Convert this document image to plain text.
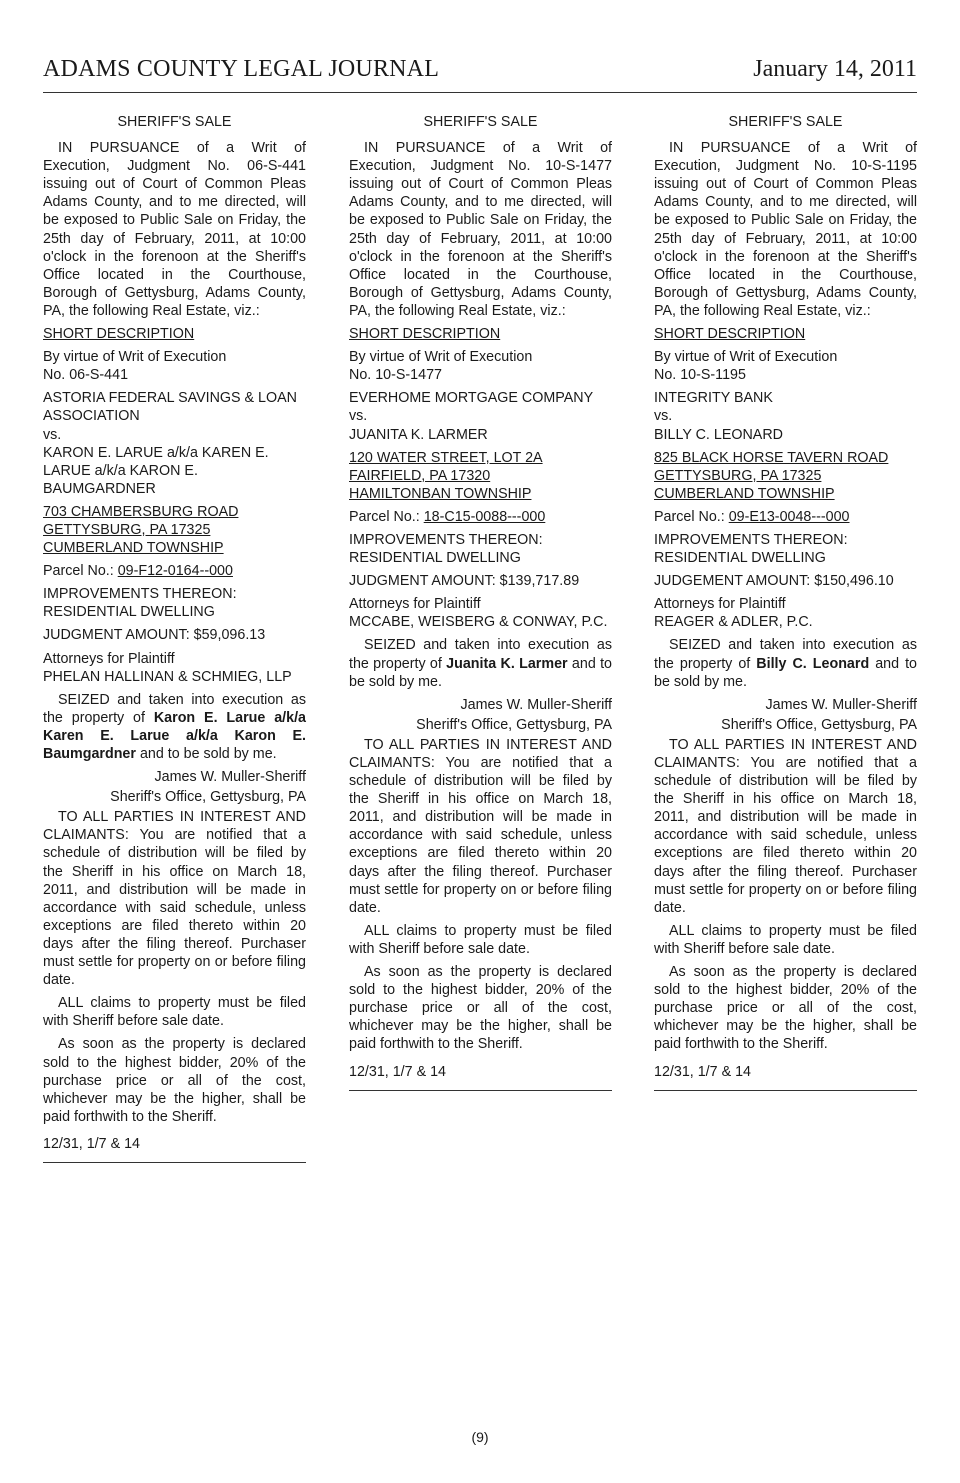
ADAMS COUNTY LEGAL JOURNAL	January 14, 2011

SHERIFF'S SALE

IN PURSUANCE of a Writ of Execution, Judgment No. 06-S-441 issuing out of Court of Common Pleas Adams County, and to me directed, will be exposed to Public Sale on Friday, the 25th day of February, 2011, at 10:00 o'clock in the forenoon at the Sheriff's Office located in the Courthouse, Borough of Gettysburg, Adams County, PA, the following Real Estate, viz.:

SHORT DESCRIPTION

By virtue of Writ of Execution
No. 06-S-441

ASTORIA FEDERAL SAVINGS & LOAN ASSOCIATION
vs.
KARON E. LARUE a/k/a KAREN E. LARUE a/k/a KARON E. BAUMGARDNER

703 CHAMBERSBURG ROAD
GETTYSBURG, PA 17325
CUMBERLAND TOWNSHIP

Parcel No.: 09-F12-0164--000

IMPROVEMENTS THEREON: RESIDENTIAL DWELLING

JUDGMENT AMOUNT: $59,096.13

Attorneys for Plaintiff
PHELAN HALLINAN & SCHMIEG, LLP

SEIZED and taken into execution as the property of Karon E. Larue a/k/a Karen E. Larue a/k/a Karon E. Baumgardner and to be sold by me.

James W. Muller-Sheriff

Sheriff's Office, Gettysburg, PA

TO ALL PARTIES IN INTEREST AND CLAIMANTS: You are notified that a schedule of distribution will be filed by the Sheriff in his office on March 18, 2011, and distribution will be made in accordance with said schedule, unless exceptions are filed thereto within 20 days after the filing thereof. Purchaser must settle for property on or before filing date.

ALL claims to property must be filed with Sheriff before sale date.

As soon as the property is declared sold to the highest bidder, 20% of the purchase price or all of the cost, whichever may be the higher, shall be paid forthwith to the Sheriff.

12/31, 1/7 & 14

SHERIFF'S SALE

IN PURSUANCE of a Writ of Execution, Judgment No. 10-S-1477 issuing out of Court of Common Pleas Adams County, and to me directed, will be exposed to Public Sale on Friday, the 25th day of February, 2011, at 10:00 o'clock in the forenoon at the Sheriff's Office located in the Courthouse, Borough of Gettysburg, Adams County, PA, the following Real Estate, viz.:

SHORT DESCRIPTION

By virtue of Writ of Execution
No. 10-S-1477

EVERHOME MORTGAGE COMPANY
vs.
JUANITA K. LARMER

120 WATER STREET, LOT 2A
FAIRFIELD, PA 17320
HAMILTONBAN TOWNSHIP

Parcel No.: 18-C15-0088---000

IMPROVEMENTS THEREON: RESIDENTIAL DWELLING

JUDGMENT AMOUNT: $139,717.89

Attorneys for Plaintiff
MCCABE, WEISBERG & CONWAY, P.C.

SEIZED and taken into execution as the property of Juanita K. Larmer and to be sold by me.

James W. Muller-Sheriff

Sheriff's Office, Gettysburg, PA

TO ALL PARTIES IN INTEREST AND CLAIMANTS: You are notified that a schedule of distribution will be filed by the Sheriff in his office on March 18, 2011, and distribution will be made in accordance with said schedule, unless exceptions are filed thereto within 20 days after the filing thereof. Purchaser must settle for property on or before filing date.

ALL claims to property must be filed with Sheriff before sale date.

As soon as the property is declared sold to the highest bidder, 20% of the purchase price or all of the cost, whichever may be the higher, shall be paid forthwith to the Sheriff.

12/31, 1/7 & 14

SHERIFF'S SALE

IN PURSUANCE of a Writ of Execution, Judgment No. 10-S-1195 issuing out of Court of Common Pleas Adams County, and to me directed, will be exposed to Public Sale on Friday, the 25th day of February, 2011, at 10:00 o'clock in the forenoon at the Sheriff's Office located in the Courthouse, Borough of Gettysburg, Adams County, PA, the following Real Estate, viz.:

SHORT DESCRIPTION

By virtue of Writ of Execution
No. 10-S-1195

INTEGRITY BANK
vs.
BILLY C. LEONARD

825 BLACK HORSE TAVERN ROAD
GETTYSBURG, PA 17325
CUMBERLAND TOWNSHIP

Parcel No.: 09-E13-0048---000

IMPROVEMENTS THEREON: RESIDENTIAL DWELLING

JUDGEMENT AMOUNT: $150,496.10

Attorneys for Plaintiff
REAGER & ADLER, P.C.

SEIZED and taken into execution as the property of Billy C. Leonard and to be sold by me.

James W. Muller-Sheriff

Sheriff's Office, Gettysburg, PA

TO ALL PARTIES IN INTEREST AND CLAIMANTS: You are notified that a schedule of distribution will be filed by the Sheriff in his office on March 18, 2011, and distribution will be made in accordance with said schedule, unless exceptions are filed thereto within 20 days after the filing thereof. Purchaser must settle for property on or before filing date.

ALL claims to property must be filed with Sheriff before sale date.

As soon as the property is declared sold to the highest bidder, 20% of the purchase price or all of the cost, whichever may be the higher, shall be paid forthwith to the Sheriff.

12/31, 1/7 & 14

(9)
